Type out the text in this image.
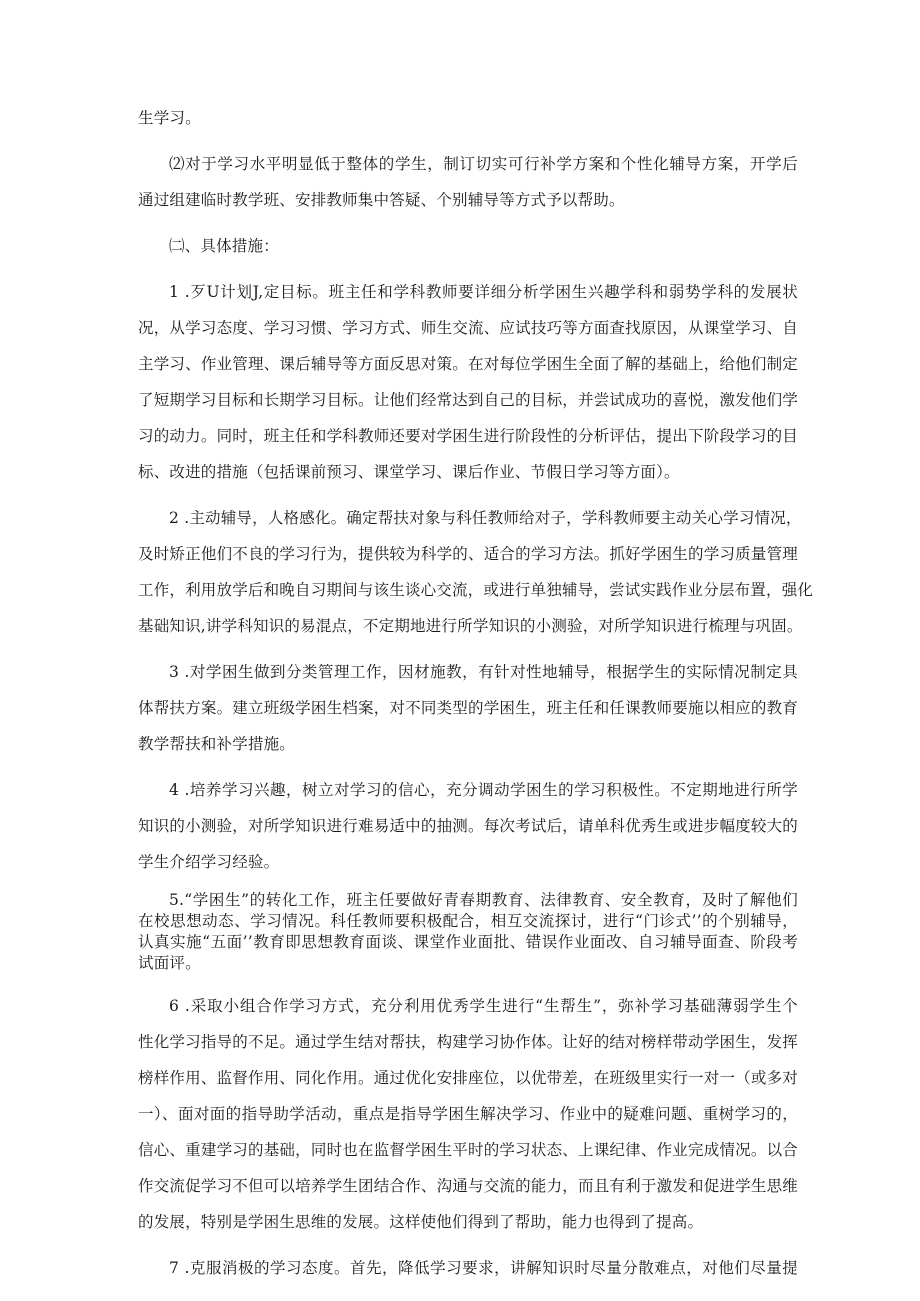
生学习。
⑵对于学习水平明显低于整体的学生，制订切实可行补学方案和个性化辅导方案，开学后
通过组建临时教学班、安排教师集中答疑、个别辅导等方式予以帮助。
㈡、具体措施：
1 .歹U计划J,定目标。班主任和学科教师要详细分析学困生兴趣学科和弱势学科的发展状
况，从学习态度、学习习惯、学习方式、师生交流、应试技巧等方面查找原因，从课堂学习、自
主学习、作业管理、课后辅导等方面反思对策。在对每位学困生全面了解的基础上，给他们制定
了短期学习目标和长期学习目标。让他们经常达到自己的目标，并尝试成功的喜悦，激发他们学
习的动力。同时，班主任和学科教师还要对学困生进行阶段性的分析评估，提出下阶段学习的目
标、改进的措施（包括课前预习、课堂学习、课后作业、节假日学习等方面）。
2 .主动辅导，人格感化。确定帮扶对象与科任教师给对子，学科教师要主动关心学习情况，
及时矫正他们不良的学习行为，提供较为科学的、适合的学习方法。抓好学困生的学习质量管理
工作，利用放学后和晚自习期间与该生谈心交流，或进行单独辅导，尝试实践作业分层布置，强化
基础知识,讲学科知识的易混点，不定期地进行所学知识的小测验，对所学知识进行梳理与巩固。
3 .对学困生做到分类管理工作，因材施教，有针对性地辅导，根据学生的实际情况制定具
体帮扶方案。建立班级学困生档案，对不同类型的学困生，班主任和任课教师要施以相应的教育
教学帮扶和补学措施。
4 .培养学习兴趣，树立对学习的信心，充分调动学困生的学习积极性。不定期地进行所学
知识的小测验，对所学知识进行难易适中的抽测。每次考试后，请单科优秀生或进步幅度较大的
学生介绍学习经验。
5.“学困生”的转化工作，班主任要做好青春期教育、法律教育、安全教育，及时了解他们
在校思想动态、学习情况。科任教师要积极配合，相互交流探讨，进行“门诊式’’的个别辅导，
认真实施“五面’’教育即思想教育面谈、课堂作业面批、错误作业面改、自习辅导面查、阶段考
试面评。
6 .采取小组合作学习方式，充分利用优秀学生进行“生帮生”，弥补学习基础薄弱学生个
性化学习指导的不足。通过学生结对帮扶，构建学习协作体。让好的结对榜样带动学困生，发挥
榜样作用、监督作用、同化作用。通过优化安排座位，以优带差，在班级里实行一对一（或多对
一）、面对面的指导助学活动，重点是指导学困生解决学习、作业中的疑难问题、重树学习的，
信心、重建学习的基础，同时也在监督学困生平时的学习状态、上课纪律、作业完成情况。以合
作交流促学习不但可以培养学生团结合作、沟通与交流的能力，而且有利于激发和促进学生思维
的发展，特别是学困生思维的发展。这样使他们得到了帮助，能力也得到了提高。
7 .克服消极的学习态度。首先，降低学习要求，讲解知识时尽量分散难点，对他们尽量提
